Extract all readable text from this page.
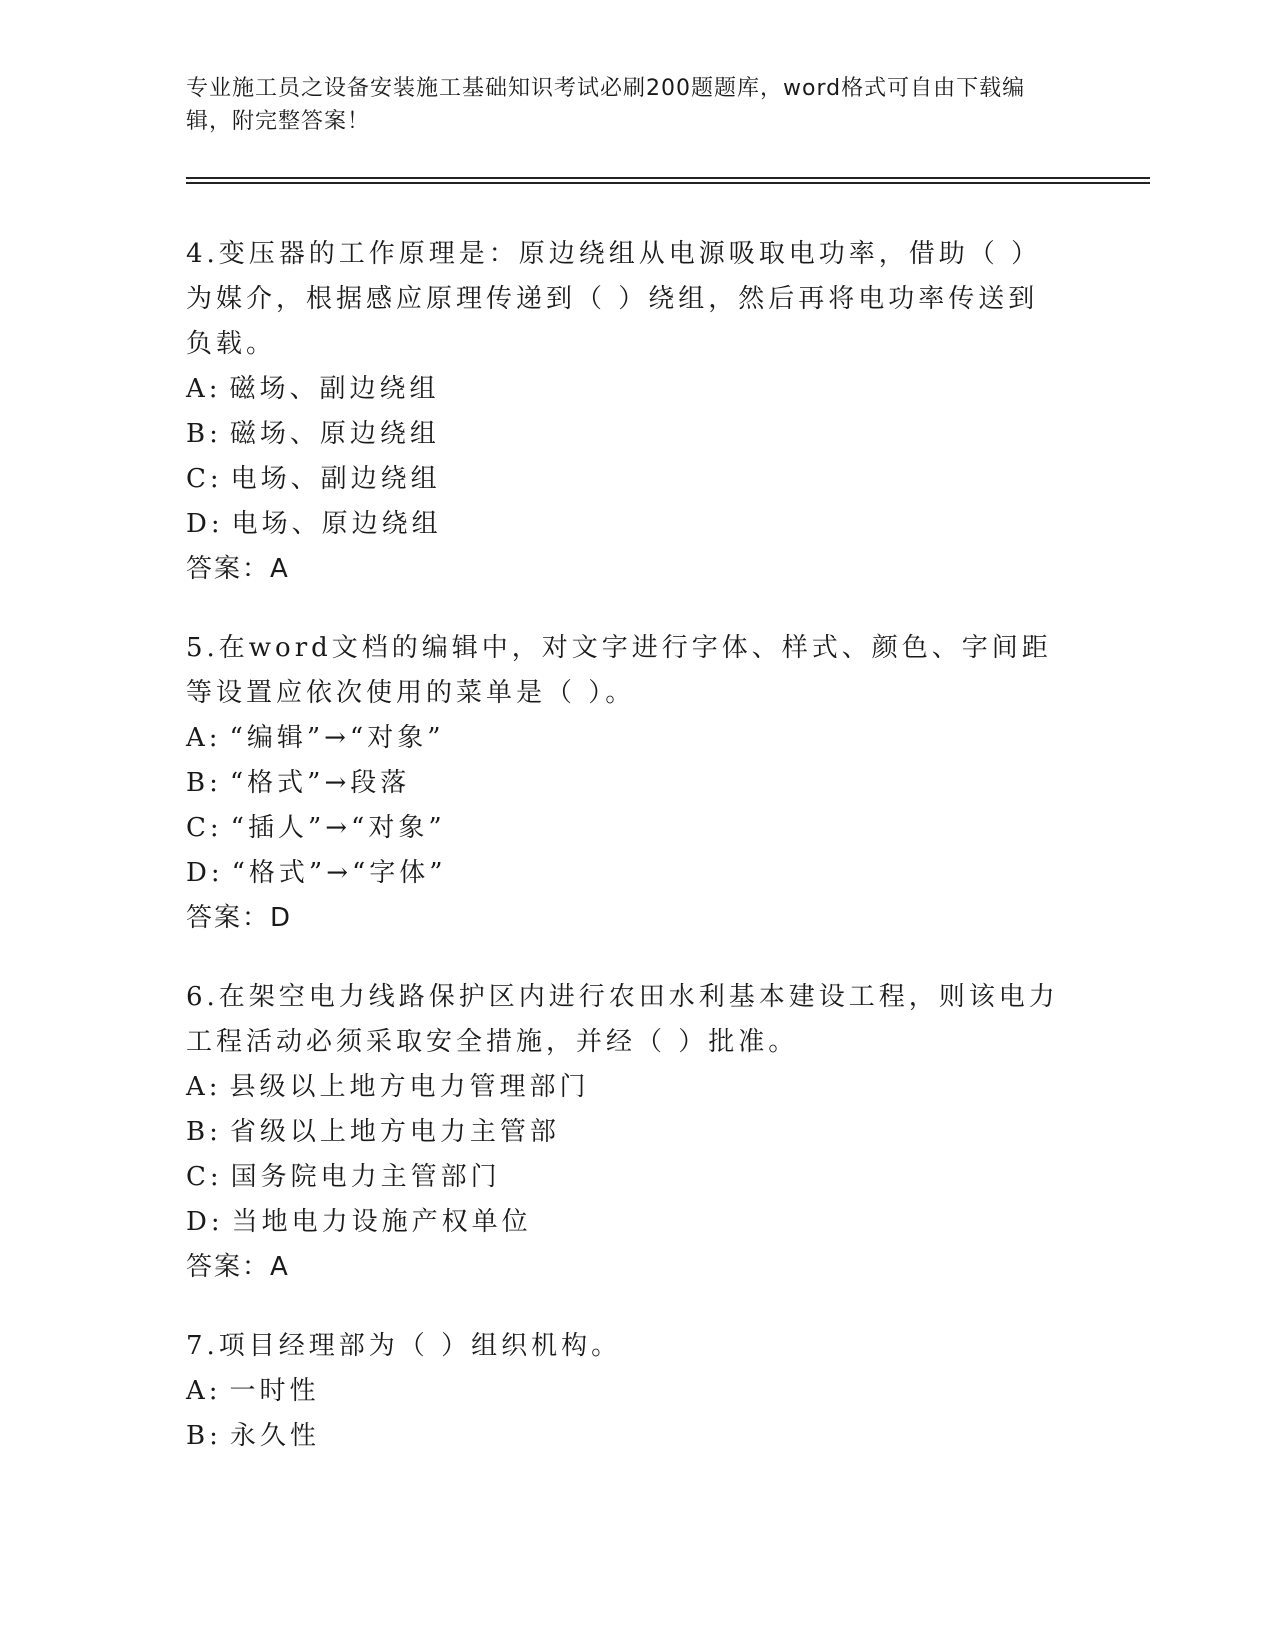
专业施工员之设备安装施工基础知识考试必刷200题题库，word格式可自由下载编辑，附完整答案！
4.变压器的工作原理是：原边绕组从电源吸取电功率，借助（ ）为媒介，根据感应原理传递到（ ）绕组，然后再将电功率传送到负载。
A: 磁场、副边绕组
B: 磁场、原边绕组
C: 电场、副边绕组
D: 电场、原边绕组
答案：A
5.在word文档的编辑中，对文字进行字体、样式、颜色、字间距等设置应依次使用的菜单是（ ）。
A: “编辑”→“对象”
B: “格式”→段落
C: “插人”→“对象”
D: “格式”→“字体”
答案：D
6.在架空电力线路保护区内进行农田水利基本建设工程，则该电力工程活动必须采取安全措施，并经（ ）批准。
A: 县级以上地方电力管理部门
B: 省级以上地方电力主管部
C: 国务院电力主管部门
D: 当地电力设施产权单位
答案：A
7.项目经理部为（ ）组织机构。
A: 一时性
B: 永久性
